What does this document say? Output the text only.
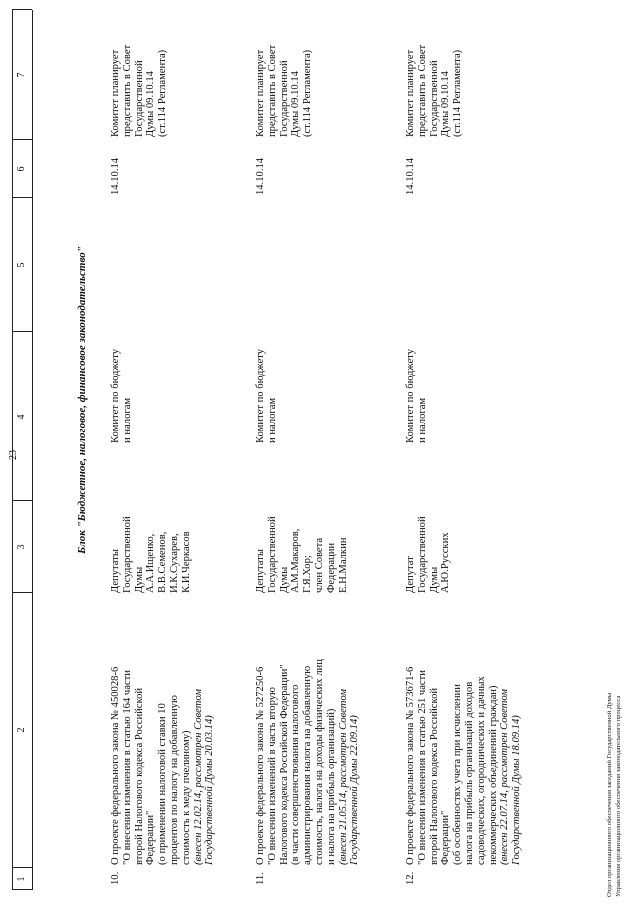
23
1
2
3
4
5
6
7
Блок "Бюджетное, налоговое, финансовое законодательство"
10.
О проекте федерального закона № 450028-6 "О внесении изменения в статью 164 части второй Налогового кодекса Российской Федерации" (о применении налоговой ставки 10 процентов по налогу на добавленную стоимость к меду пчелиному) (внесен 12.02.14, рассмотрен Советом Государственной Думы 20.03.14)
Депутаты Государственной Думы А.А.Ищенко, В.В.Семенов, И.К.Сухарев, К.И.Черкасов
Комитет по бюджету и налогам
14.10.14
Комитет планирует представить в Совет Государственной Думы 09.10.14 (ст.114 Регламента)
11.
О проекте федерального закона № 527250-6 "О внесении изменений в часть вторую Налогового кодекса Российской Федерации" (в части совершенствования налогового администрирования налога на добавленную стоимость, налога на доходы физических лиц и налога на прибыль организаций) (внесен 21.05.14, рассмотрен Советом Государственной Думы 22.09.14)
Депутаты Государственной Думы А.М.Макаров, Г.Я.Хор; член Совета Федерации Е.Н.Малкин
Комитет по бюджету и налогам
14.10.14
Комитет планирует представить в Совет Государственной Думы 09.10.14 (ст.114 Регламента)
12.
О проекте федерального закона № 573671-6 "О внесении изменения в статью 251 части второй Налогового кодекса Российской Федерации" (об особенностях учета при исчислении налога на прибыль организаций доходов садоводческих, огороднических и дачных некоммерческих объединений граждан) (внесен 22.07.14, рассмотрен Советом Государственной Думы 18.09.14)
Депутат Государственной Думы А.Ю.Русских
Комитет по бюджету и налогам
14.10.14
Комитет планирует представить в Совет Государственной Думы 09.10.14 (ст.114 Регламента)
Отдел организационного обеспечения заседаний Государственной Думы Управления организационного обеспечения законодательного процесса
